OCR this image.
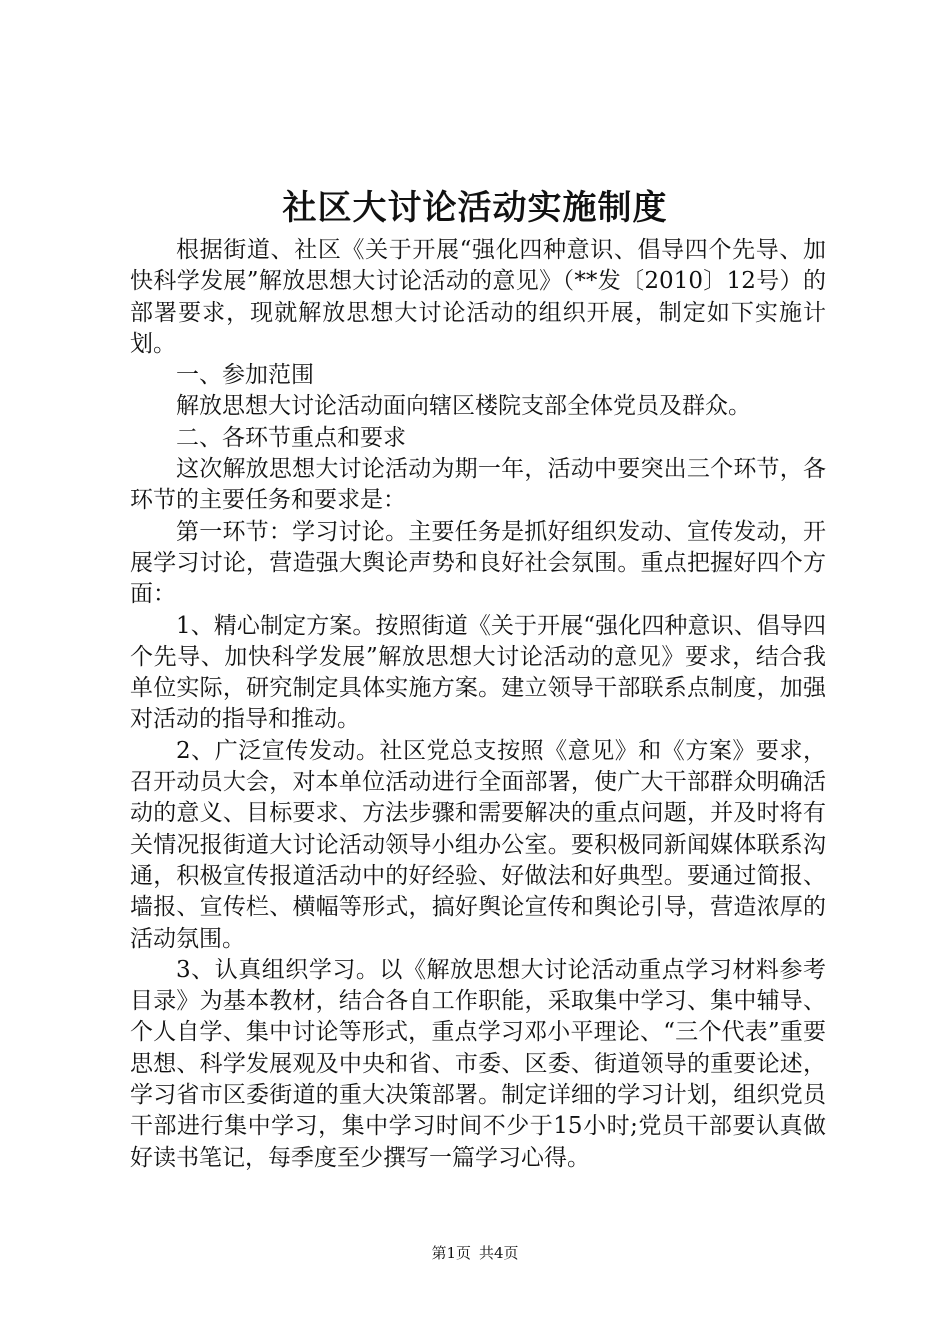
社区大讨论活动实施制度

根据街道、社区《关于开展“强化四种意识、倡导四个先导、加快科学发展”解放思想大讨论活动的意见》（**发〔2010〕12号）的部署要求，现就解放思想大讨论活动的组织开展，制定如下实施计划。

一、参加范围

解放思想大讨论活动面向辖区楼院支部全体党员及群众。

二、各环节重点和要求

这次解放思想大讨论活动为期一年，活动中要突出三个环节，各环节的主要任务和要求是：

第一环节：学习讨论。主要任务是抓好组织发动、宣传发动，开展学习讨论，营造强大舆论声势和良好社会氛围。重点把握好四个方面：

1、精心制定方案。按照街道《关于开展“强化四种意识、倡导四个先导、加快科学发展”解放思想大讨论活动的意见》要求，结合我单位实际，研究制定具体实施方案。建立领导干部联系点制度，加强对活动的指导和推动。

2、广泛宣传发动。社区党总支按照《意见》和《方案》要求，召开动员大会，对本单位活动进行全面部署，使广大干部群众明确活动的意义、目标要求、方法步骤和需要解决的重点问题，并及时将有关情况报街道大讨论活动领导小组办公室。要积极同新闻媒体联系沟通，积极宣传报道活动中的好经验、好做法和好典型。要通过简报、墙报、宣传栏、横幅等形式，搞好舆论宣传和舆论引导，营造浓厚的活动氛围。

3、认真组织学习。以《解放思想大讨论活动重点学习材料参考目录》为基本教材，结合各自工作职能，采取集中学习、集中辅导、个人自学、集中讨论等形式，重点学习邓小平理论、“三个代表”重要思想、科学发展观及中央和省、市委、区委、街道领导的重要论述，学习省市区委街道的重大决策部署。制定详细的学习计划，组织党员干部进行集中学习，集中学习时间不少于15小时;党员干部要认真做好读书笔记，每季度至少撰写一篇学习心得。

第1页 共4页
